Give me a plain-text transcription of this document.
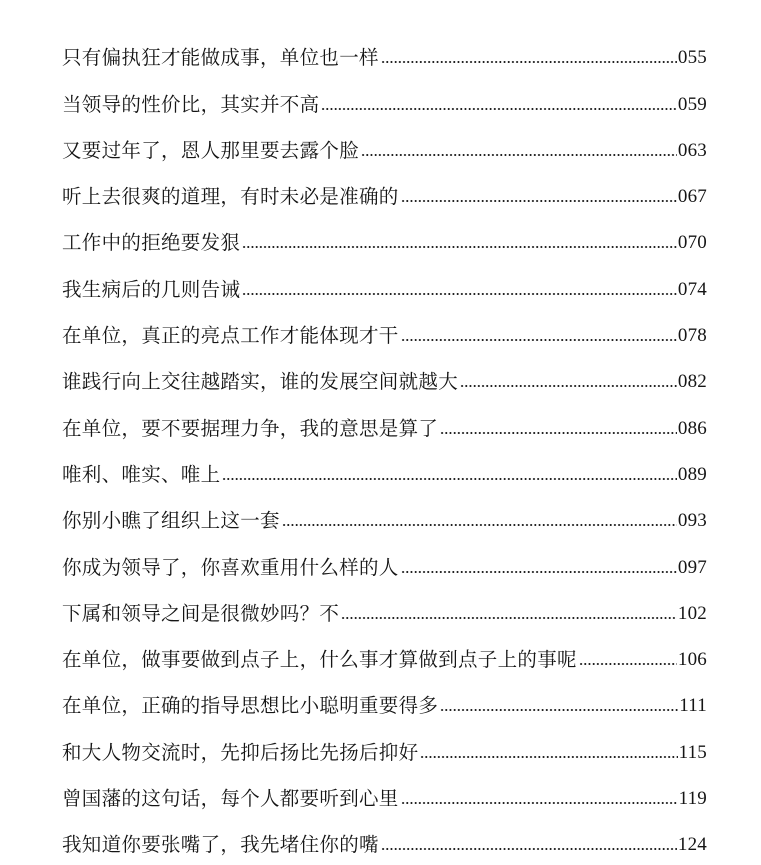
只有偏执狂才能做成事，单位也一样	055
当领导的性价比，其实并不高	059
又要过年了，恩人那里要去露个脸	063
听上去很爽的道理，有时未必是准确的	067
工作中的拒绝要发狠	070
我生病后的几则告诫	074
在单位，真正的亮点工作才能体现才干	078
谁践行向上交往越踏实，谁的发展空间就越大	082
在单位，要不要据理力争，我的意思是算了	086
唯利、唯实、唯上	089
你别小瞧了组织上这一套	093
你成为领导了，你喜欢重用什么样的人	097
下属和领导之间是很微妙吗？不	102
在单位，做事要做到点子上，什么事才算做到点子上的事呢	106
在单位，正确的指导思想比小聪明重要得多	111
和大人物交流时，先抑后扬比先扬后抑好	115
曾国藩的这句话，每个人都要听到心里	119
我知道你要张嘴了，我先堵住你的嘴	124
